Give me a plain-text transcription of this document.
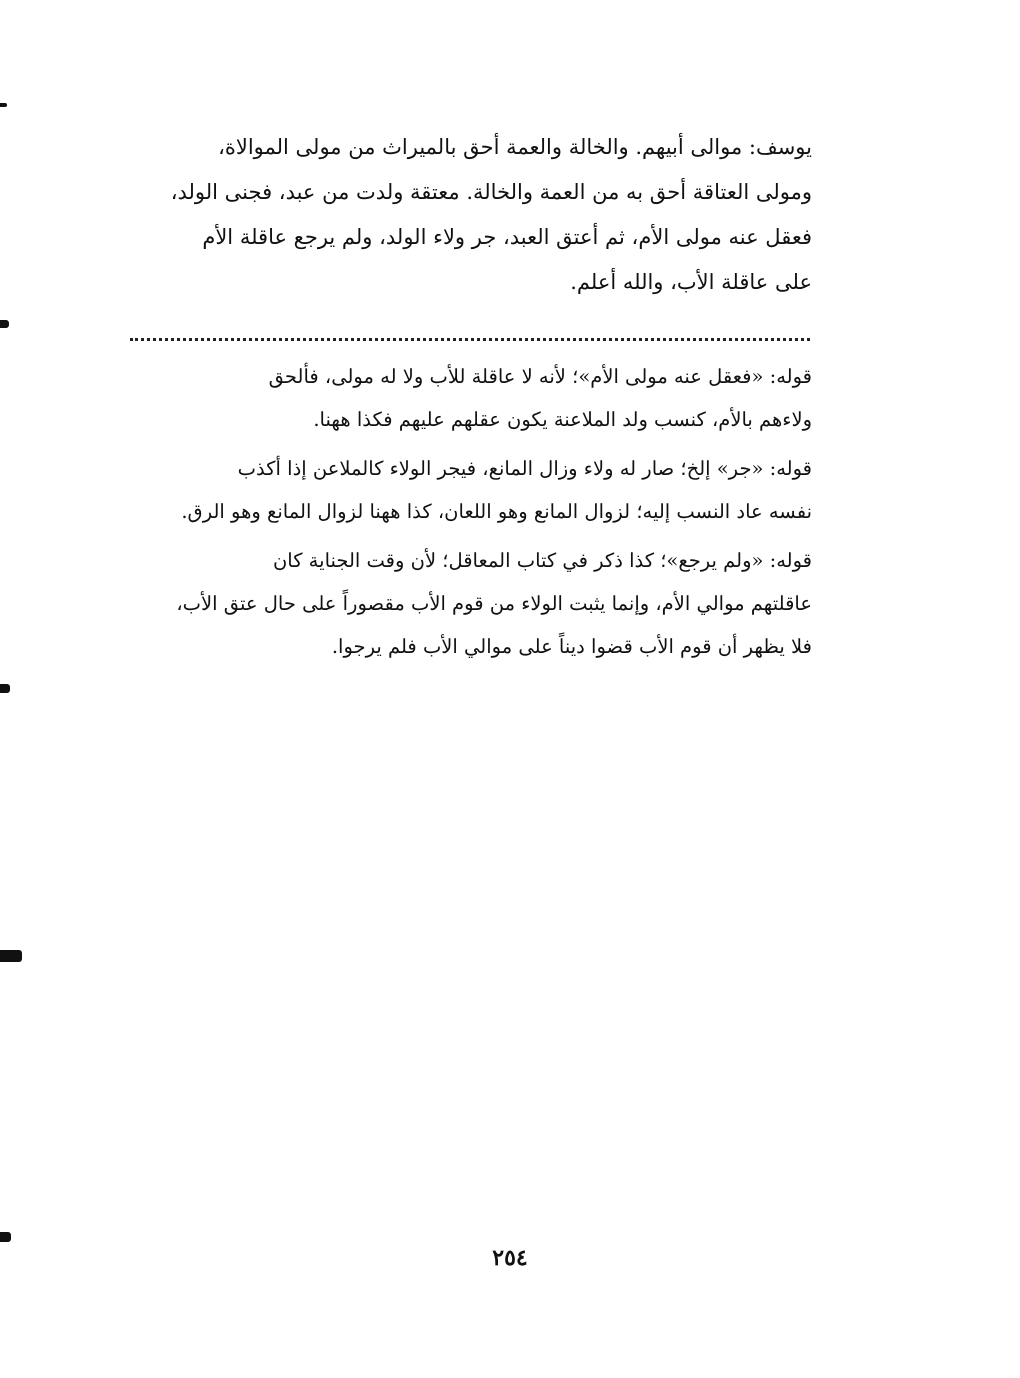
يوسف: موالى أبيهم. والخالة والعمة أحق بالميراث من مولى الموالاة،
ومولى العتاقة أحق به من العمة والخالة. معتقة ولدت من عبد، فجنى الولد،
فعقل عنه مولى الأم، ثم أعتق العبد، جر ولاء الولد، ولم يرجع عاقلة الأم
على عاقلة الأب، والله أعلم.

قوله: «فعقل عنه مولى الأم»؛ لأنه لا عاقلة للأب ولا له مولى، فألحق
ولاءهم بالأم، كنسب ولد الملاعنة يكون عقلهم عليهم فكذا ههنا.

قوله: «جر» إلخ؛ صار له ولاء وزال المانع، فيجر الولاء كالملاعن إذا أكذب
نفسه عاد النسب إليه؛ لزوال المانع وهو اللعان، كذا ههنا لزوال المانع وهو الرق.

قوله: «ولم يرجع»؛ كذا ذكر في كتاب المعاقل؛ لأن وقت الجناية كان
عاقلتهم موالي الأم، وإنما يثبت الولاء من قوم الأب مقصوراً على حال عتق الأب،
فلا يظهر أن قوم الأب قضوا ديناً على موالي الأب فلم يرجوا.

٢٥٤
